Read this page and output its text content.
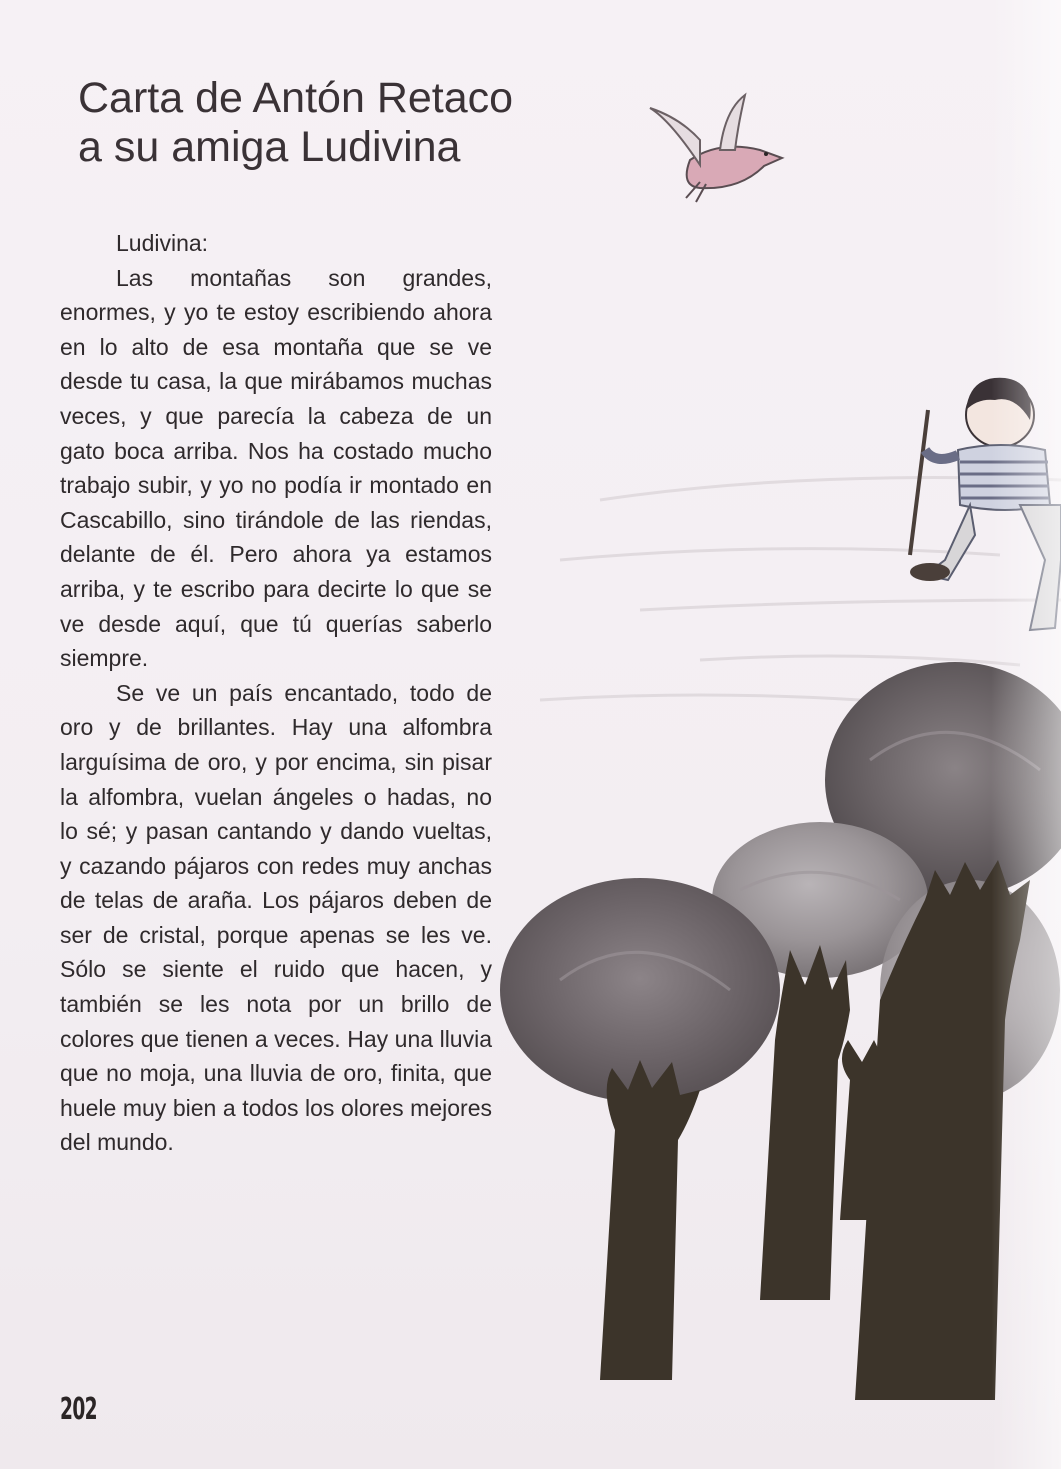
Carta de Antón Retaco
a su amiga Ludivina

Ludivina:

Las montañas son grandes, enormes, y yo te estoy escribiendo ahora en lo alto de esa montaña que se ve desde tu casa, la que mirábamos muchas veces, y que parecía la cabeza de un gato boca arriba. Nos ha costado mucho trabajo subir, y yo no podía ir montado en Cascabillo, sino tirándole de las riendas, delante de él. Pero ahora ya estamos arriba, y te escribo para decirte lo que se ve desde aquí, que tú querías saberlo siempre.

Se ve un país encantado, todo de oro y de brillantes. Hay una alfombra larguísima de oro, y por encima, sin pisar la alfombra, vuelan ángeles o hadas, no lo sé; y pasan cantando y dando vueltas, y cazando pájaros con redes muy anchas de telas de araña. Los pájaros deben de ser de cristal, porque apenas se les ve. Sólo se siente el ruido que hacen, y también se les nota por un brillo de colores que tienen a veces. Hay una lluvia que no moja, una lluvia de oro, finita, que huele muy bien a todos los olores mejores del mundo.

202
